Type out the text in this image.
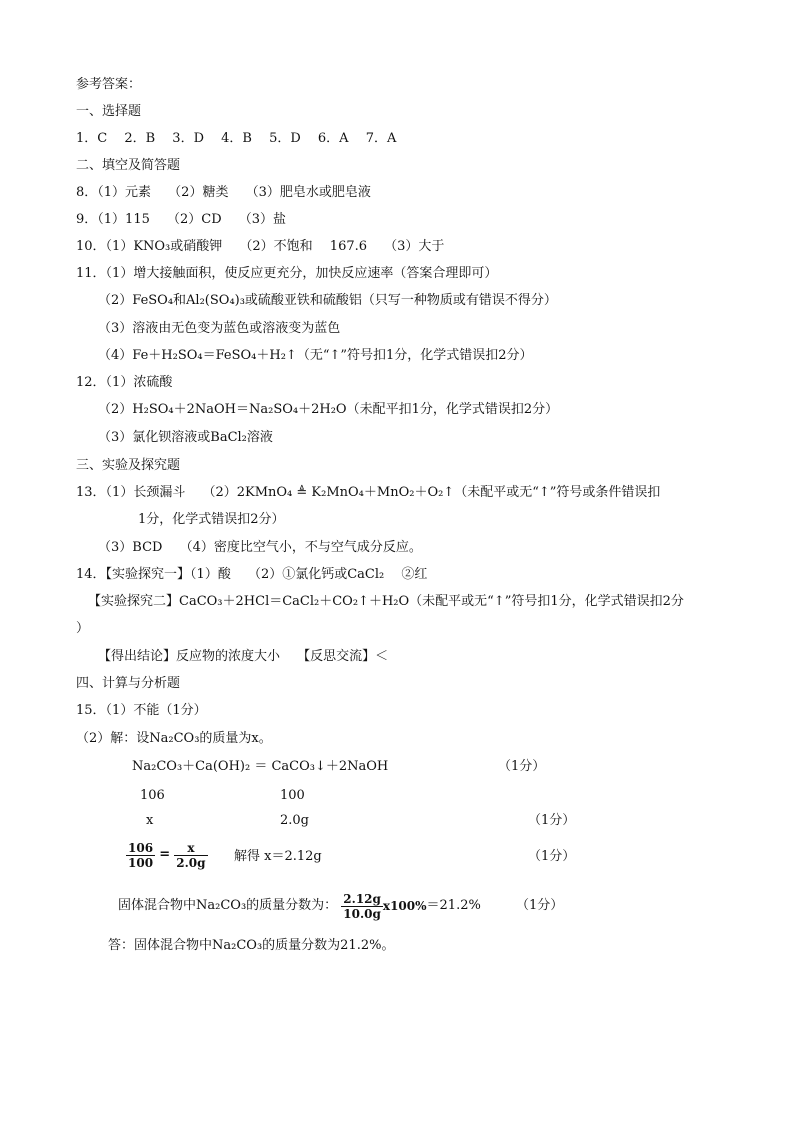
参考答案：
一、选择题
1．C　 2．B　 3．D　 4．B　 5．D　 6．A　 7．A
二、填空及简答题
8．（1）元素　 （2）糖类　 （3）肥皂水或肥皂液
9．（1）115　 （2）CD　 （3）盐
10．（1）KNO₃或硝酸钾　 （2）不饱和　 167.6　 （3）大于
11．（1）增大接触面积，使反应更充分，加快反应速率（答案合理即可）
（2）FeSO₄和Al₂(SO₄)₃或硫酸亚铁和硫酸铝（只写一种物质或有错误不得分）
（3）溶液由无色变为蓝色或溶液变为蓝色
（4）Fe＋H₂SO₄＝FeSO₄＋H₂↑（无“↑”符号扣1分，化学式错误扣2分）
12．（1）浓硫酸
（2）H₂SO₄＋2NaOH＝Na₂SO₄＋2H₂O（未配平扣1分，化学式错误扣2分）
（3）氯化钡溶液或BaCl₂溶液
三、实验及探究题
13．（1）长颈漏斗　 （2）2KMnO₄ ≜ K₂MnO₄＋MnO₂＋O₂↑（未配平或无“↑”符号或条件错误扣
1分，化学式错误扣2分）
（3）BCD　 （4）密度比空气小，不与空气成分反应。
14．【实验探究一】（1）酸　 （2）①氯化钙或CaCl₂　 ②红
【实验探究二】CaCO₃＋2HCl＝CaCl₂＋CO₂↑＋H₂O（未配平或无“↑”符号扣1分，化学式错误扣2分
）
【得出结论】反应物的浓度大小　 【反思交流】＜
四、计算与分析题
15．（1）不能（1分）
（2）解：设Na₂CO₃的质量为x。
Na₂CO₃＋Ca(OH)₂ ＝ CaCO₃↓＋2NaOH	（1分）
106	100
x	2.0g	（1分）
$\frac{106}{100} = \frac{x}{2.0g}$ 解得 x＝2.12g	（1分）
固体混合物中Na₂CO₃的质量分数为： $\frac{2.12g}{10.0g} x100\%=21.2\%$	（1分）
答：固体混合物中Na₂CO₃的质量分数为21.2%。
